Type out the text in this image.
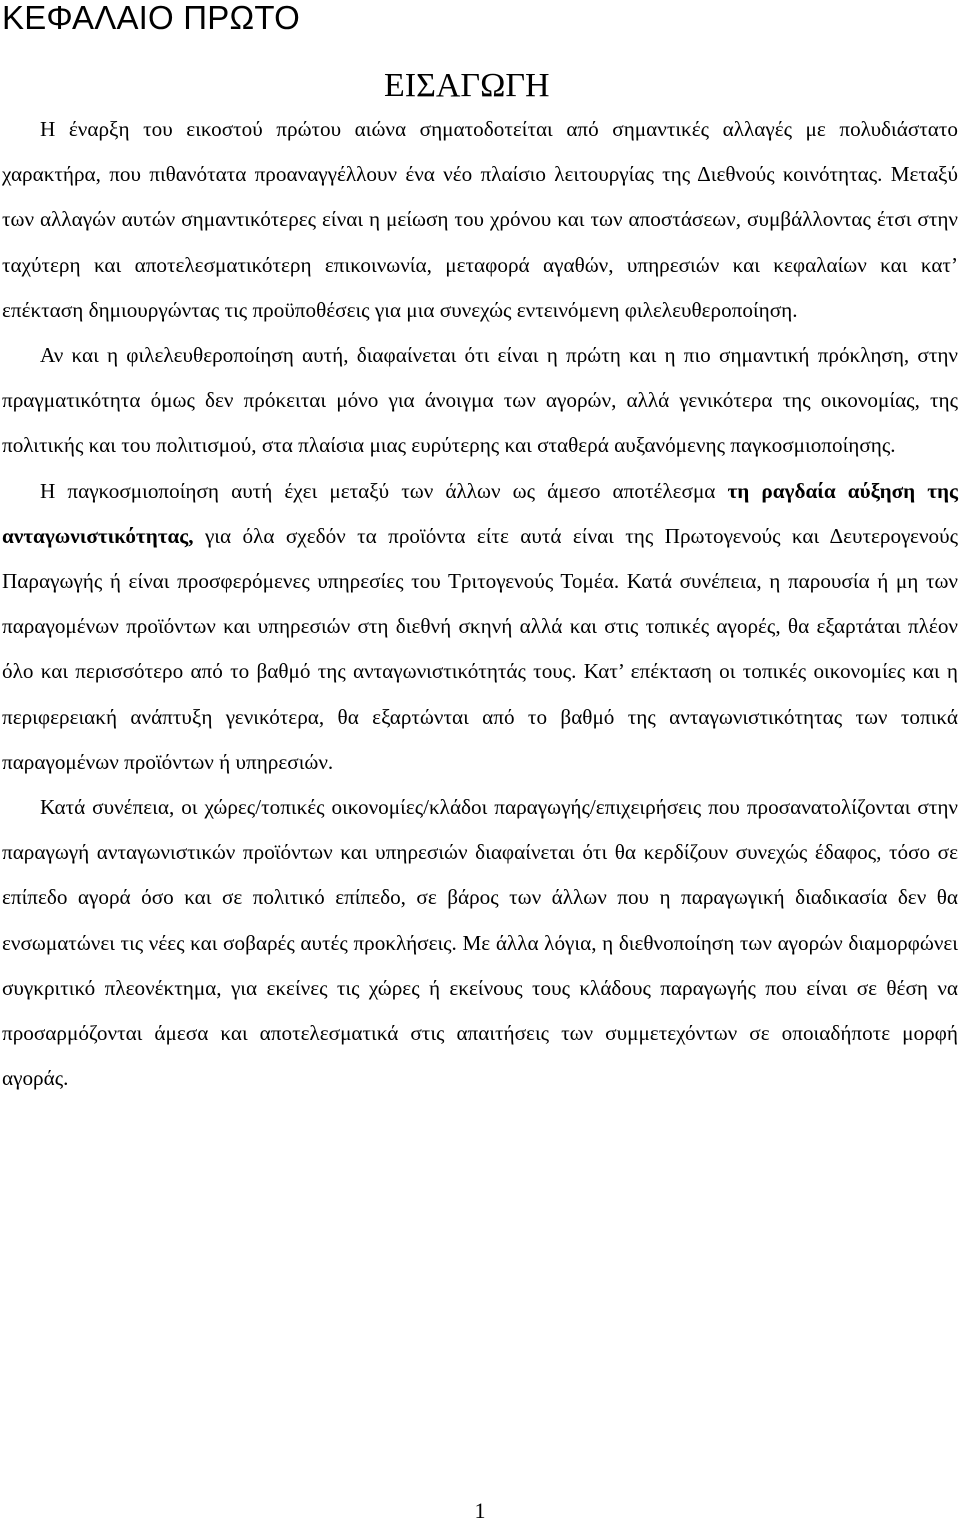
ΚΕΦΑΛΑΙΟ ΠΡΩΤΟ
ΕΙΣΑΓΩΓΗ

Η έναρξη του εικοστού πρώτου αιώνα σηματοδοτείται από σημαντικές αλλαγές με πολυδιάστατο χαρακτήρα, που πιθανότατα προαναγγέλλουν ένα νέο πλαίσιο λειτουργίας της Διεθνούς κοινότητας. Μεταξύ των αλλαγών αυτών σημαντικότερες είναι η μείωση του χρόνου και των αποστάσεων, συμβάλλοντας έτσι στην ταχύτερη και αποτελεσματικότερη επικοινωνία, μεταφορά αγαθών, υπηρεσιών και κεφαλαίων και κατ’ επέκταση δημιουργώντας τις προϋποθέσεις για μια συνεχώς εντεινόμενη φιλελευθεροποίηση.

Αν και η φιλελευθεροποίηση αυτή, διαφαίνεται ότι είναι η πρώτη και η πιο σημαντική πρόκληση, στην πραγματικότητα όμως δεν πρόκειται μόνο για άνοιγμα των αγορών, αλλά γενικότερα της οικονομίας, της πολιτικής και του πολιτισμού, στα πλαίσια μιας ευρύτερης και σταθερά αυξανόμενης παγκοσμιοποίησης.

Η παγκοσμιοποίηση αυτή έχει μεταξύ των άλλων ως άμεσο αποτέλεσμα τη ραγδαία αύξηση της ανταγωνιστικότητας, για όλα σχεδόν τα προϊόντα είτε αυτά είναι της Πρωτογενούς και Δευτερογενούς Παραγωγής ή είναι προσφερόμενες υπηρεσίες του Τριτογενούς Τομέα. Κατά συνέπεια, η παρουσία ή μη των παραγομένων προϊόντων και υπηρεσιών στη διεθνή σκηνή αλλά και στις τοπικές αγορές, θα εξαρτάται πλέον όλο και περισσότερο από το βαθμό της ανταγωνιστικότητάς τους. Κατ’ επέκταση οι τοπικές οικονομίες και η περιφερειακή ανάπτυξη γενικότερα, θα εξαρτώνται από το βαθμό της ανταγωνιστικότητας των τοπικά παραγομένων προϊόντων ή υπηρεσιών.

Κατά συνέπεια, οι χώρες/τοπικές οικονομίες/κλάδοι παραγωγής/επιχειρήσεις που προσανατολίζονται στην παραγωγή ανταγωνιστικών προϊόντων και υπηρεσιών διαφαίνεται ότι θα κερδίζουν συνεχώς έδαφος, τόσο σε επίπεδο αγορά όσο και σε πολιτικό επίπεδο, σε βάρος των άλλων που η παραγωγική διαδικασία δεν θα ενσωματώνει τις νέες και σοβαρές αυτές προκλήσεις. Με άλλα λόγια, η διεθνοποίηση των αγορών διαμορφώνει συγκριτικό πλεονέκτημα, για εκείνες τις χώρες ή εκείνους τους κλάδους παραγωγής που είναι σε θέση να προσαρμόζονται άμεσα και αποτελεσματικά στις απαιτήσεις των συμμετεχόντων σε οποιαδήποτε μορφή αγοράς.

1
